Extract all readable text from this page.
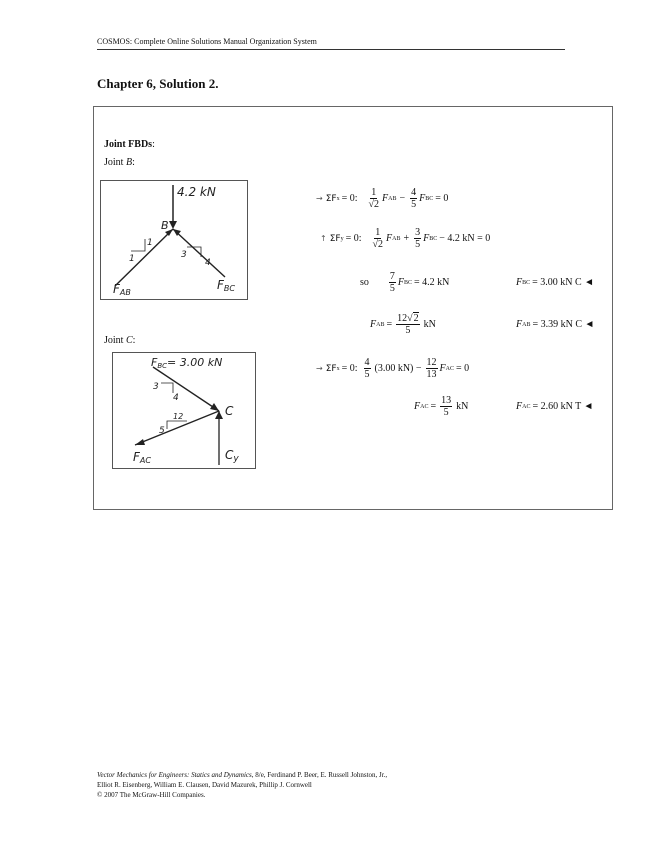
COSMOS: Complete Online Solutions Manual Organization System
Chapter 6, Solution 2.
Joint FBDs:
Joint B:
4.2 kN
B
1
1	3
4
FAB
FBC
Joint C:
FBC= 3.00 kN
3
4
12
5
C
FAC	Cy
→ ΣF x = 0: $\frac{1}{√2}$ F AB − $\frac{4}{5}$ F BC = 0
↑ ΣF y = 0: $\frac{1}{√2}$ F AB + $\frac{3}{5}$ F BC − 4.2 kN = 0
so $\frac{7}{5}$ F BC = 4.2 kN	F BC = 3.00 kN C ◄
F AB = $\frac{12√2}{5}$ kN	F AB = 3.39 kN C ◄
→ ΣF x = 0: $\frac{4}{5} (3.00$ $kN) - \frac{12}{13}$ F AC = 0
F AC = $\frac{13}{5}$ kN	F AC = 2.60 kN T ◄
Vector Mechanics for Engineers: Statics and Dynamics, 8/e, Ferdinand P. Beer, E. Russell Johnston, Jr.,
Elliot R. Eisenberg, William E. Clausen, David Mazurek, Phillip J. Cornwell
© 2007 The McGraw-Hill Companies.
